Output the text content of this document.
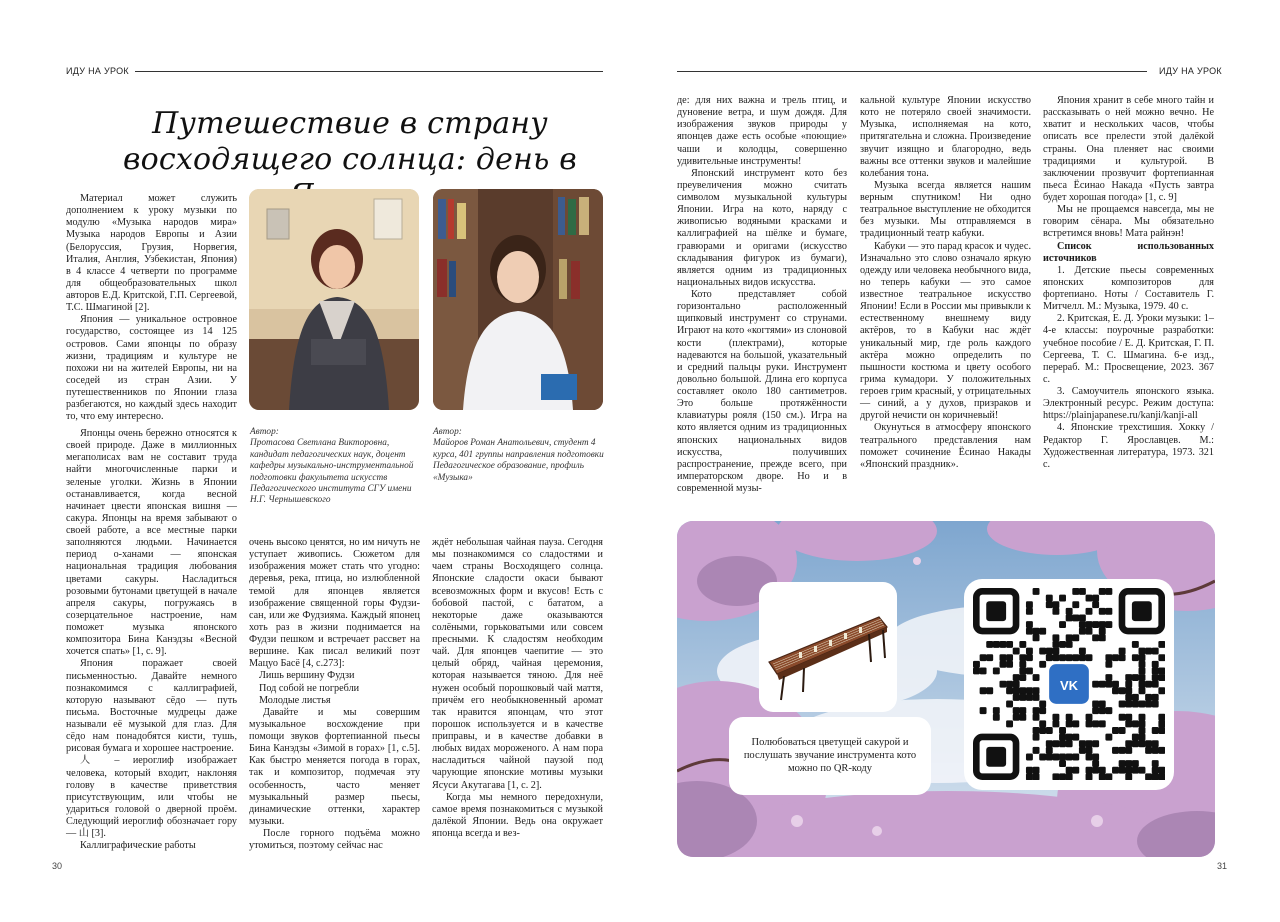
ИДУ НА УРОК	ИДУ НА УРОК
30	31
Путешествие в страну
восходящего солнца: день в

Материал может служить дополнением к уроку музыки по модулю «Музыка народов мира» Музыка народов Европы и Азии (Белоруссия, Грузия, Норвегия, Италия, Англия, Узбекистан, Япония) в 4 классе 4 четверти по программе для общеобразовательных школ авторов Е.Д. Критской, Г.П. Сергеевой, Т.С. Шмагиной [2].

Япония — уникальное островное государство, состоящее из 14 125 островов. Сами японцы по образу жизни, традициям и культуре не похожи ни на жителей Европы, ни на соседей из стран Азии. У путешественников по Японии глаза разбегаются, но каждый здесь находит то, что ему интересно.

Автор:
Протасова Светлана Викторовна, кандидат педагогических наук, доцент кафедры музыкально-инструментальной подготовки факультета искусств Педагогического института СГУ имени Н.Г. Чернышевского
Автор:
Майоров Роман Анатольевич, студент 4 курса, 401 группы направления подготовки Педагогическое образование, профиль «Музыка»

Японцы очень бережно относятся к своей природе. Даже в миллионных мегаполисах вам не составит труда найти многочисленные парки и зеленые уголки. Жизнь в Японии останавливается, когда весной начинает цвести японская вишня — сакура. Японцы на время забывают о своей работе, а все местные парки заполняются людьми. Начинается период о-ханами — японская национальная традиция любования цветами сакуры. Насладиться розовыми бутонами цветущей в начале апреля сакуры, погружаясь в созерцательное настроение, нам поможет музыка японского композитора Бина Канэдзы «Весной хочется спать» [1, с. 9].

Япония поражает своей письменностью. Давайте немного познакомимся с каллиграфией, которую называют сёдо — путь письма. Восточные мудрецы даже называли её музыкой для глаз. Для сёдо нам понадобятся кисти, тушь, рисовая бумага и хорошее настроение.

人 – иероглиф изображает человека, который входит, наклоняя голову в качестве приветствия присутствующим, или чтобы не удариться головой о дверной проём. Следующий иероглиф обозначает гору — 山 [3].

Каллиграфические работы

очень высоко ценятся, но им ничуть не уступает живопись. Сюжетом для изображения может стать что угодно: деревья, река, птица, но излюбленной темой для японцев является изображение священной горы Фудзи-сан, или же Фудзияма. Каждый японец хоть раз в жизни поднимается на Фудзи пешком и встречает рассвет на вершине. Как писал великий поэт Мацуо Басё [4, с.273]:

Лишь вершину Фудзи

Под собой не погребли

Молодые листья

Давайте и мы совершим музыкальное восхождение при помощи звуков фортепианной пьесы Бина Канэдзы «Зимой в горах» [1, с.5]. Как быстро меняется погода в горах, так и композитор, подмечая эту особенность, часто меняет музыкальный размер пьесы, динамические оттенки, характер музыки.

После горного подъёма можно утомиться, поэтому сейчас нас

ждёт небольшая чайная пауза. Сегодня мы познакомимся со сладостями и чаем страны Восходящего солнца. Японские сладости окаси бывают всевозможных форм и вкусов! Есть с бобовой пастой, с бататом, а некоторые даже оказываются солёными, горьковатыми или совсем пресными. К сладостям необходим чай. Для японцев чаепитие — это целый обряд, чайная церемония, которая называется тяною. Для неё нужен особый порошковый чай маття, причём его необыкновенный аромат так нравится японцам, что этот порошок используется и в качестве приправы, и в качестве добавки в любых видах мороженого. А нам пора насладиться чайной паузой под чарующие японские мотивы музыки Ясуси Акутагава [1, с. 2].

Когда мы немного передохнули, самое время познакомиться с музыкой далёкой Японии. Ведь она окружает японца всегда и вез-

де: для них важна и трель птиц, и дуновение ветра, и шум дождя. Для изображения звуков природы у японцев даже есть особые «поющие» чаши и колодцы, совершенно удивительные инструменты!

Японский инструмент кото без преувеличения можно считать символом музыкальной культуры Японии. Игра на кото, наряду с живописью водяными красками и каллиграфией на шёлке и бумаге, гравюрами и оригами (искусство складывания фигурок из бумаги), является одним из традиционных национальных видов искусства.

Кото представляет собой горизонтально расположенный щипковый инструмент со струнами. Играют на кото «когтями» из слоновой кости (плектрами), которые надеваются на большой, указательный и средний пальцы руки. Инструмент довольно большой. Длина его корпуса составляет около 180 сантиметров. Это больше протяжённости клавиатуры рояля (150 см.). Игра на кото является одним из традиционных японских национальных видов искусства, получивших распространение, прежде всего, при императорском дворе. Но и в современной музы-

кальной культуре Японии искусство кото не потеряло своей значимости. Музыка, исполняемая на кото, притягательна и сложна. Произведение звучит изящно и благородно, ведь важны все оттенки звуков и малейшие колебания тона.

Музыка всегда является нашим верным спутником! Ни одно театральное выступление не обходится без музыки. Мы отправляемся в традиционный театр кабуки.

Кабуки — это парад красок и чудес. Изначально это слово означало яркую одежду или человека необычного вида, но теперь кабуки — это самое известное театральное искусство Японии! Если в России мы привыкли к естественному внешнему виду актёров, то в Кабуки нас ждёт уникальный мир, где роль каждого актёра можно определить по пышности костюма и цвету особого грима кумадори. У положительных героев грим красный, у отрицательных — синий, а у духов, призраков и другой нечисти он коричневый!

Окунуться в атмосферу японского театрального представления нам поможет сочинение Ёсинао Накады «Японский праздник».

Япония хранит в себе много тайн и рассказывать о ней можно вечно. Не хватит и нескольких часов, чтобы описать все прелести этой далёкой страны. Она пленяет нас своими традициями и культурой. В заключении прозвучит фортепианная пьеса Ёсинао Накада «Пусть завтра будет хорошая погода» [1, с. 9]

Мы не прощаемся навсегда, мы не говорим сёнара. Мы обязательно встретимся вновь! Мата райнэн!

Список использованных источников

1. Детские пьесы современных японских композиторов для фортепиано. Ноты / Составитель Г. Митчелл. М.: Музыка, 1979. 40 с.

2. Критская, Е. Д. Уроки музыки: 1–4-е классы: поурочные разработки: учебное пособие / Е. Д. Критская, Г. П. Сергеева, Т. С. Шмагина. 6-е изд., перераб. М.: Просвещение, 2023. 367 с.

3. Самоучитель японского языка. Электронный ресурс. Режим доступа: https://plainjapanese.ru/kanji/kanji-all

4. Японские трехстишия. Хокку / Редактор Г. Ярославцев. М.: Художественная литература, 1973. 321 с.

Полюбоваться цветущей сакурой и послушать звучание инструмента кото можно по QR-коду
VK
